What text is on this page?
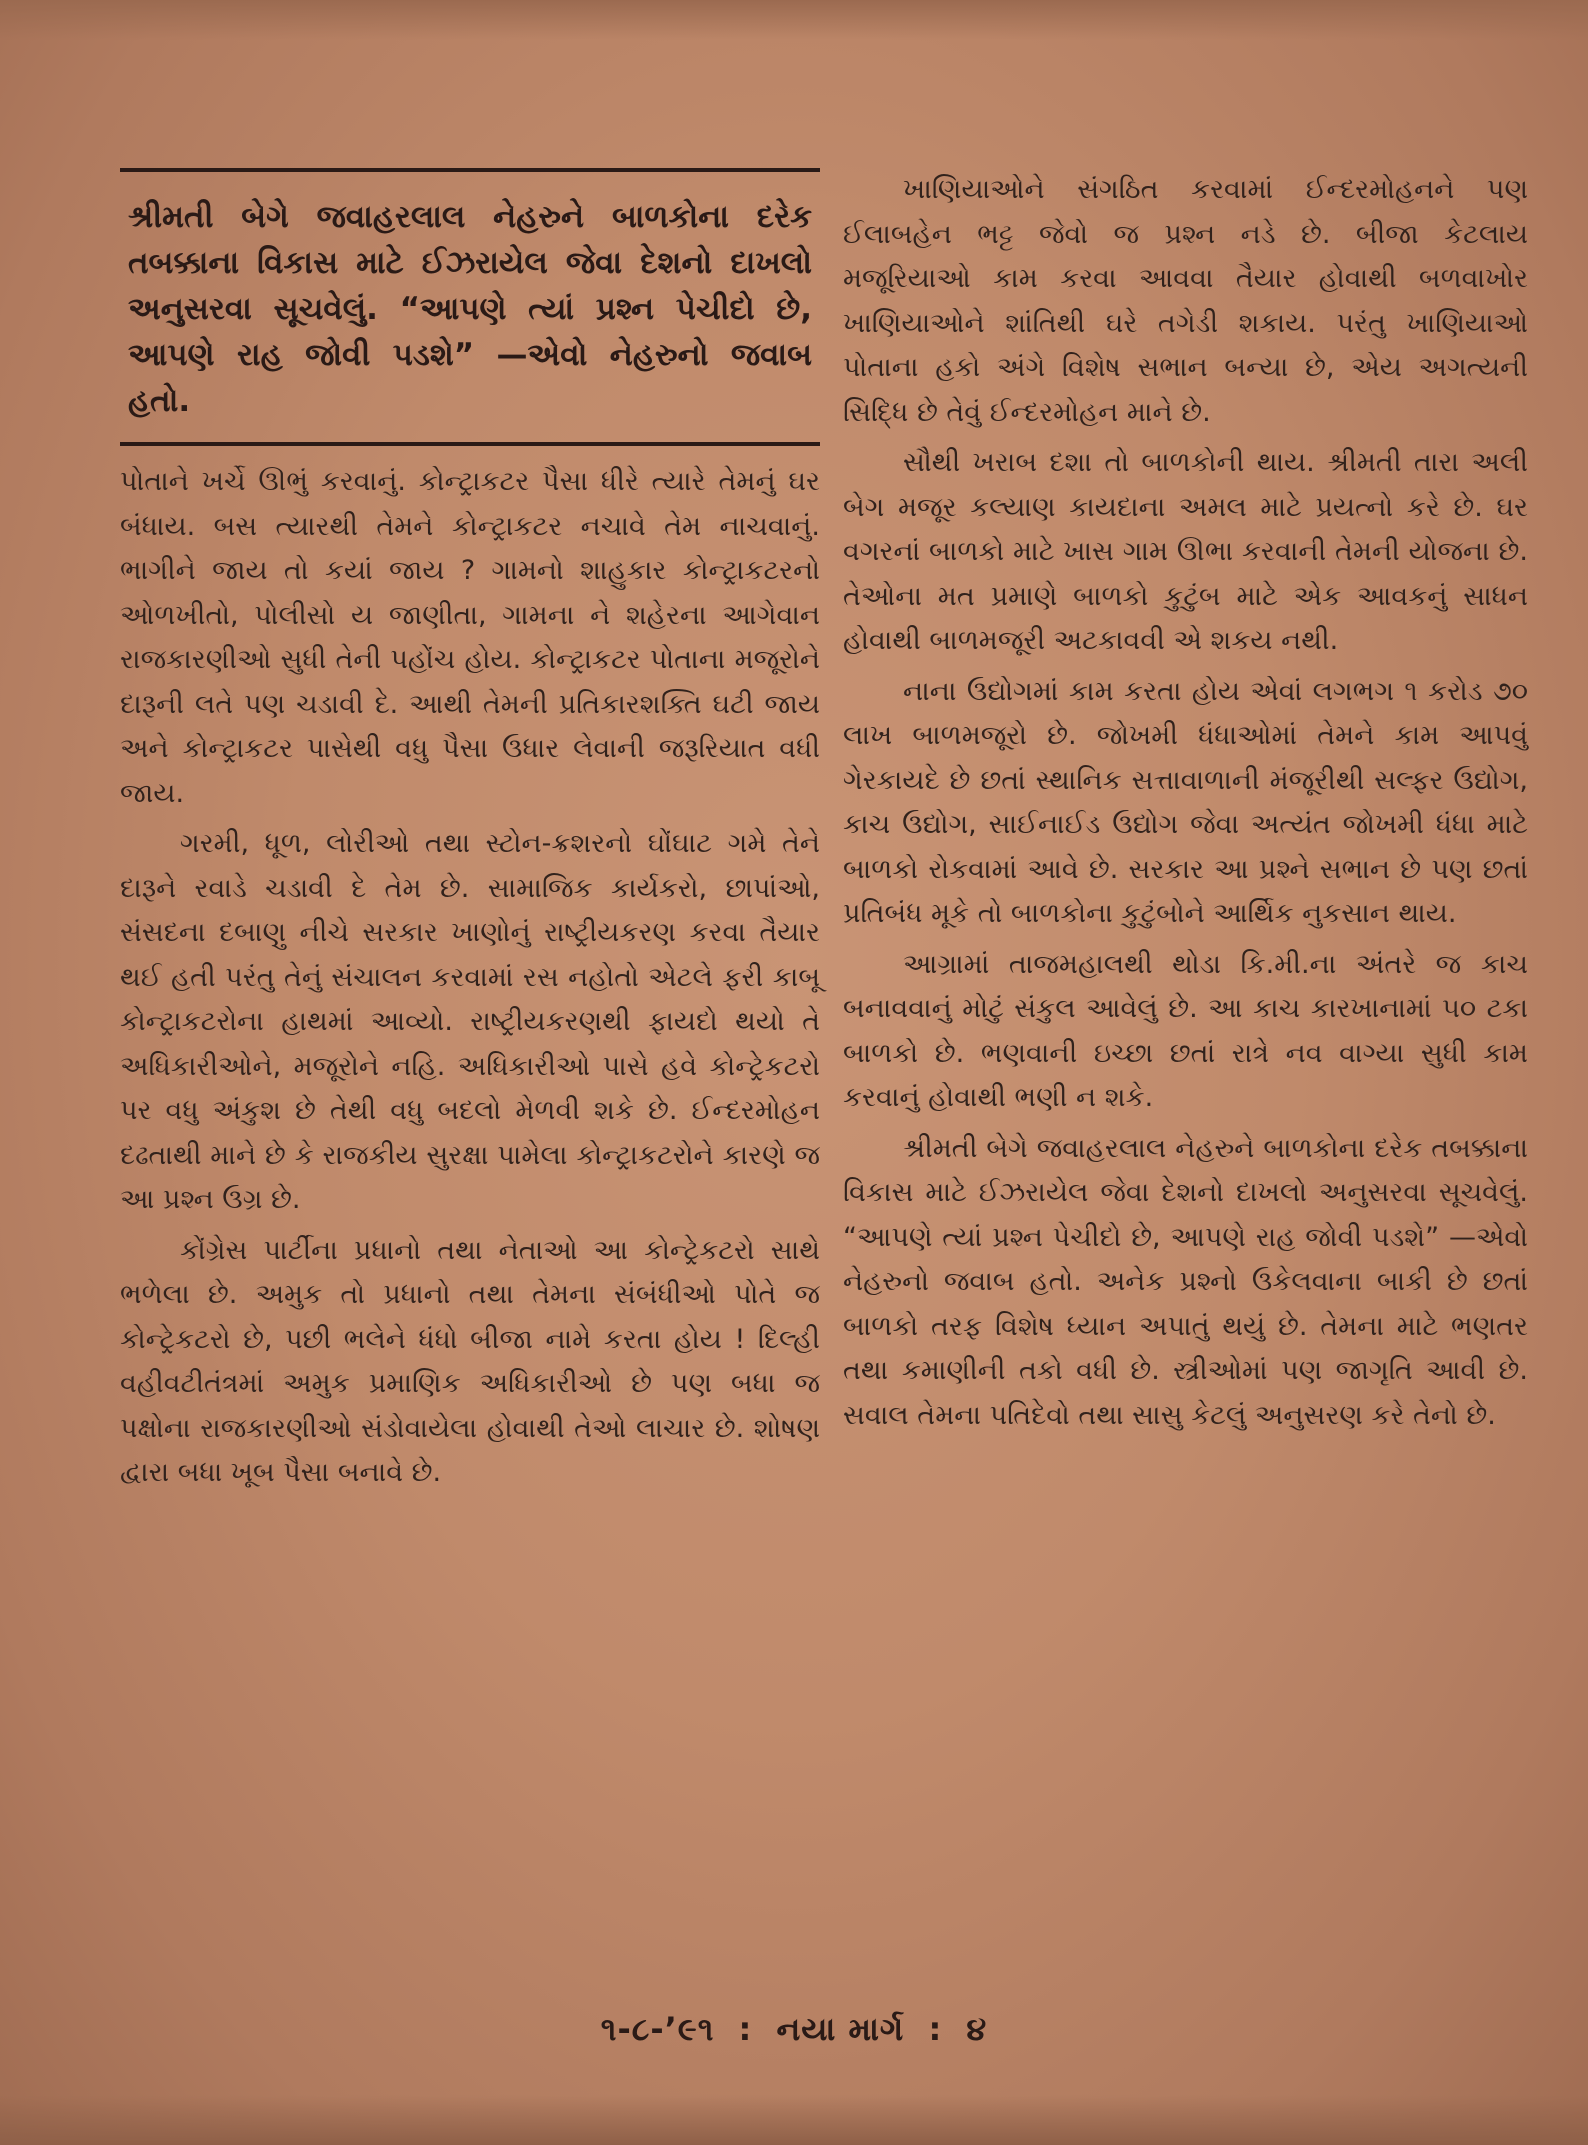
શ્રીમતી બેગે જવાહરલાલ નેહરુને બાળકોના દરેક તબક્કાના વિકાસ માટે ઈઝરાયેલ જેવા દેશનો દાખલો અનુસરવા સૂચવેલું. “આપણે ત્યાં પ્રશ્ન પેચીદો છે, આપણે રાહ જોવી પડશે” —એવો નેહરુનો જવાબ હતો.

પોતાને ખર્ચે ઊભું કરવાનું. કોન્ટ્રાકટર પૈસા ધીરે ત્યારે તેમનું ઘર બંધાય. બસ ત્યારથી તેમને કોન્ટ્રાકટર નચાવે તેમ નાચવાનું. ભાગીને જાય તો કયાં જાય ? ગામનો શાહુકાર કોન્ટ્રાકટરનો ઓળખીતો, પોલીસો ય જાણીતા, ગામના ને શહેરના આગેવાન રાજકારણીઓ સુધી તેની પહોંચ હોય. કોન્ટ્રાકટર પોતાના મજૂરોને દારૂની લતે પણ ચડાવી દે. આથી તેમની પ્રતિકારશક્તિ ઘટી જાય અને કોન્ટ્રાકટર પાસેથી વધુ પૈસા ઉધાર લેવાની જરૂરિયાત વધી જાય.

ગરમી, ધૂળ, લોરીઓ તથા સ્ટોન-ક્રશરનો ઘોંઘાટ ગમે તેને દારૂને રવાડે ચડાવી દે તેમ છે. સામાજિક કાર્યકરો, છાપાંઓ, સંસદના દબાણુ નીચે સરકાર ખાણોનું રાષ્ટ્રીયકરણ કરવા તૈયાર થઈ હતી પરંતુ તેનું સંચાલન કરવામાં રસ નહોતો એટલે ફરી કાબૂ કોન્ટ્રાકટરોના હાથમાં આવ્યો. રાષ્ટ્રીયકરણથી ફાયદો થયો તે અધિકારીઓને, મજૂરોને નહિ. અધિકારીઓ પાસે હવે કોન્ટ્રેકટરો પર વધુ અંકુશ છે તેથી વધુ બદલો મેળવી શકે છે. ઈન્દરમોહન દઢતાથી માને છે કે રાજકીય સુરક્ષા પામેલા કોન્ટ્રાકટરોને કારણે જ આ પ્રશ્ન ઉગ્ર છે.

કોંગ્રેસ પાર્ટીના પ્રધાનો તથા નેતાઓ આ કોન્ટ્રેકટરો સાથે ભળેલા છે. અમુક તો પ્રધાનો તથા તેમના સંબંધીઓ પોતે જ કોન્ટ્રેકટરો છે, પછી ભલેને ધંધો બીજા નામે કરતા હોય ! દિલ્હી વહીવટીતંત્રમાં અમુક પ્રમાણિક અધિકારીઓ છે પણ બધા જ પક્ષોના રાજકારણીઓ સંડોવાયેલા હોવાથી તેઓ લાચાર છે. શોષણ દ્વારા બધા ખૂબ પૈસા બનાવે છે.

ખાણિયાઓને સંગઠિત કરવામાં ઈન્દરમોહનને પણ ઈલાબહેન ભટ્ટ જેવો જ પ્રશ્ન નડે છે. બીજા કેટલાય મજૂરિયાઓ કામ કરવા આવવા તૈયાર હોવાથી બળવાખોર ખાણિયાઓને શાંતિથી ઘરે તગેડી શકાય. પરંતુ ખાણિયાઓ પોતાના હકો અંગે વિશેષ સભાન બન્યા છે, એય અગત્યની સિદ્ધિ છે તેવું ઈન્દરમોહન માને છે.

સૌથી ખરાબ દશા તો બાળકોની થાય. શ્રીમતી તારા અલી બેગ મજૂર કલ્યાણ કાયદાના અમલ માટે પ્રયત્નો કરે છે. ઘર વગરનાં બાળકો માટે ખાસ ગામ ઊભા કરવાની તેમની યોજના છે. તેઓના મત પ્રમાણે બાળકો કુટુંબ માટે એક આવકનું સાધન હોવાથી બાળમજૂરી અટકાવવી એ શકય નથી.

નાના ઉદ્યોગમાં કામ કરતા હોય એવાં લગભગ ૧ કરોડ ૭૦ લાખ બાળમજૂરો છે. જોખમી ધંધાઓમાં તેમને કામ આપવું ગેરકાયદે છે છતાં સ્થાનિક સત્તાવાળાની મંજૂરીથી સલ્ફર ઉદ્યોગ, કાચ ઉદ્યોગ, સાઈનાઈડ ઉદ્યોગ જેવા અત્યંત જોખમી ધંધા માટે બાળકો રોકવામાં આવે છે. સરકાર આ પ્રશ્ને સભાન છે પણ છતાં પ્રતિબંધ મૂકે તો બાળકોના કુટુંબોને આર્થિક નુકસાન થાય.

આગ્રામાં તાજમહાલથી થોડા કિ.મી.ના અંતરે જ કાચ બનાવવાનું મોટું સંકુલ આવેલું છે. આ કાચ કારખાનામાં ૫૦ ટકા બાળકો છે. ભણવાની ઇચ્છા છતાં રાત્રે નવ વાગ્યા સુધી કામ કરવાનું હોવાથી ભણી ન શકે.

શ્રીમતી બેગે જવાહરલાલ નેહરુને બાળકોના દરેક તબક્કાના વિકાસ માટે ઈઝરાયેલ જેવા દેશનો દાખલો અનુસરવા સૂચવેલું. “આપણે ત્યાં પ્રશ્ન પેચીદો છે, આપણે રાહ જોવી પડશે” —એવો નેહરુનો જવાબ હતો. અનેક પ્રશ્નો ઉકેલવાના બાકી છે છતાં બાળકો તરફ વિશેષ ધ્યાન અપાતું થયું છે. તેમના માટે ભણતર તથા કમાણીની તકો વધી છે. સ્ત્રીઓમાં પણ જાગૃતિ આવી છે. સવાલ તેમના પતિદેવો તથા સાસુ કેટલું અનુસરણ કરે તેનો છે.

૧-૮-’૯૧ : નયા માર્ગ : ૪
